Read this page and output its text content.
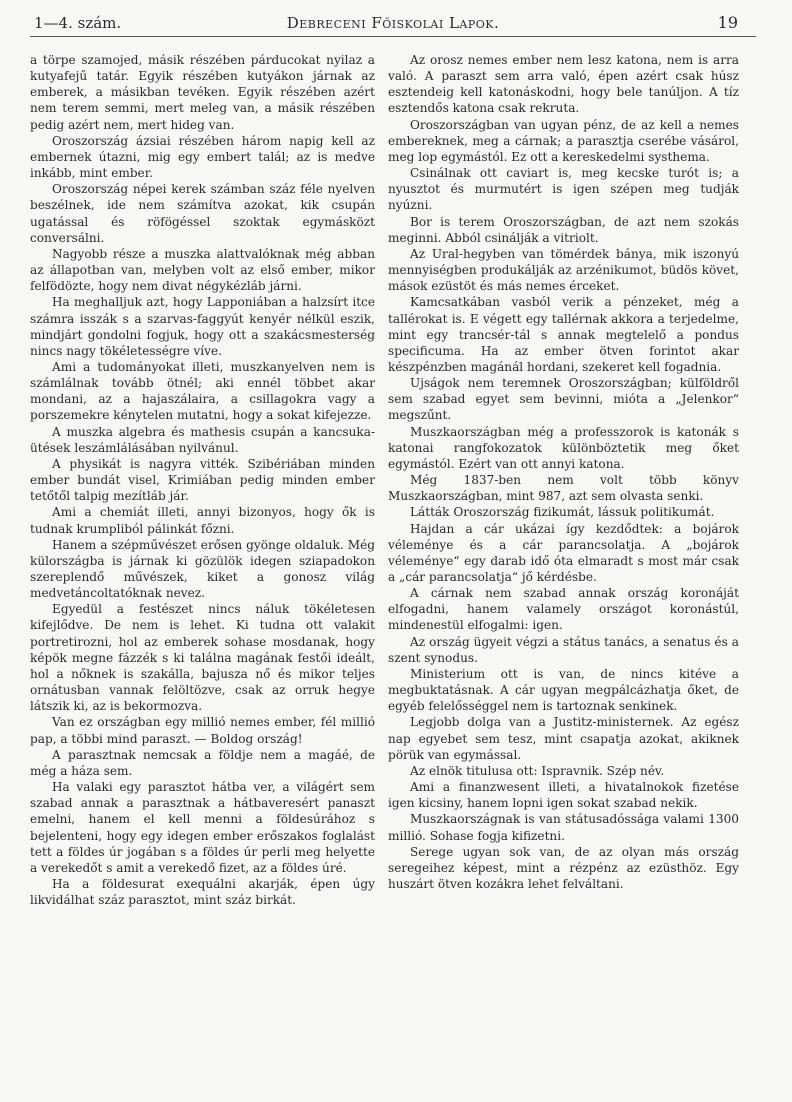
1—4. szám.	Debreceni Főiskolai Lapok.	19

a törpe szamojed, másik részében párducokat nyilaz a kutyafejű tatár. Egyik részében kutyákon járnak az emberek, a másikban tevéken. Egyik részében azért nem terem semmi, mert meleg van, a másik részében pedig azért nem, mert hideg van.

Oroszország ázsiai részében három napig kell az embernek útazni, mig egy embert talál; az is medve inkább, mint ember.

Oroszország népei kerek számban száz féle nyelven beszélnek, ide nem számítva azokat, kik csupán ugatással és röfögéssel szoktak egymásközt conversálni.

Nagyobb része a muszka alattvalóknak még abban az állapotban van, melyben volt az első ember, mikor felfödözte, hogy nem divat négykézláb járni.

Ha meghalljuk azt, hogy Lapponiában a halzsírt itce számra isszák s a szarvas-faggyút kenyér nélkül eszik, mindjárt gondolni fogjuk, hogy ott a szakácsmesterség nincs nagy tökéletességre víve.

Ami a tudományokat illeti, muszkanyelven nem is számlálnak tovább ötnél; aki ennél többet akar mondani, az a hajaszálaira, a csillagokra vagy a porszemekre kénytelen mutatni, hogy a sokat kifejezze.

A muszka algebra és mathesis csupán a kancsuka-ütések leszámlálásában nyilvánul.

A physikát is nagyra vitték. Szibériában minden ember bundát visel, Krimiában pedig minden ember tetőtől talpig mezítláb jár.

Ami a chemiát illeti, annyi bizonyos, hogy ők is tudnak krumpliból pálinkát főzni.

Hanem a szépművészet erősen gyönge oldaluk. Még külországba is járnak ki gözülök idegen sziapadokon szereplendő művészek, kiket a gonosz világ medvetáncoltatóknak nevez.

Egyedül a festészet nincs náluk tökéletesen kifejlődve. De nem is lehet. Ki tudna ott valakit portretirozni, hol az emberek sohase mosdanak, hogy képök megne fázzék s ki találna magának festői ideált, hol a nőknek is szakálla, bajusza nő és mikor teljes ornátusban vannak felöltözve, csak az orruk hegye látszik ki, az is bekormozva.

Van ez országban egy millió nemes ember, fél millió pap, a többi mind paraszt. — Boldog ország!

A parasztnak nemcsak a földje nem a magáé, de még a háza sem.

Ha valaki egy parasztot hátba ver, a világért sem szabad annak a parasztnak a hátbaveresért panaszt emelni, hanem el kell menni a földesúrához s bejelenteni, hogy egy idegen ember erőszakos foglalást tett a földes úr jogában s a földes úr perli meg helyette a verekedőt s amit a verekedő fizet, az a földes úré.

Ha a földesurat exequálni akarják, épen úgy likvidálhat száz parasztot, mint száz birkát.

Az orosz nemes ember nem lesz katona, nem is arra való. A paraszt sem arra való, épen azért csak húsz esztendeig kell katonáskodni, hogy bele tanúljon. A tíz esztendős katona csak rekruta.

Oroszországban van ugyan pénz, de az kell a nemes embereknek, meg a cárnak; a parasztja cserébe vásárol, meg lop egymástól. Ez ott a kereskedelmi systhema.

Csinálnak ott caviart is, meg kecske turót is; a nyusztot és murmutért is igen szépen meg tudják nyúzni.

Bor is terem Oroszországban, de azt nem szokás meginni. Abból csinálják a vitriolt.

Az Ural-hegyben van tömérdek bánya, mik iszonyú mennyiségben produkálják az arzénikumot, büdös követ, mások ezüstöt és más nemes érceket.

Kamcsatkában vasból verik a pénzeket, még a tallérokat is. E végett egy tallérnak akkora a terjedelme, mint egy trancsér-tál s annak megtelelő a pondus specificuma. Ha az ember ötven forintot akar készpénzben magánál hordani, szekeret kell fogadnia.

Ujságok nem teremnek Oroszországban; külföldről sem szabad egyet sem bevinni, mióta a „Jelenkor“ megszűnt.

Muszkaországban még a professzorok is katonák s katonai rangfokozatok különböztetik meg őket egymástól. Ezért van ott annyi katona.

Még 1837-ben nem volt több könyv Muszkaországban, mint 987, azt sem olvasta senki.

Látták Oroszország fizikumát, lássuk politikumát.

Hajdan a cár ukázai így kezdődtek: a bojárok véleménye és a cár parancsolatja. A „bojárok véleménye“ egy darab idő óta elmaradt s most már csak a „cár parancsolatja“ jő kérdésbe.

A cárnak nem szabad annak ország koronáját elfogadni, hanem valamely országot koronástúl, mindenestül elfogalmi: igen.

Az ország ügyeit végzi a státus tanács, a senatus és a szent synodus.

Ministerium ott is van, de nincs kitéve a megbuktatásnak. A cár ugyan megpálcázhatja őket, de egyéb felelősséggel nem is tartoznak senkinek.

Legjobb dolga van a Justitz-ministernek. Az egész nap egyebet sem tesz, mint csapatja azokat, akiknek pörük van egymással.

Az elnök titulusa ott: Ispravnik. Szép név.

Ami a finanzwesent illeti, a hivatalnokok fizetése igen kicsiny, hanem lopni igen sokat szabad nekik.

Muszkaországnak is van státusadóssága valami 1300 millió. Sohase fogja kifizetni.

Serege ugyan sok van, de az olyan más ország seregeihez képest, mint a rézpénz az ezüsthöz. Egy huszárt ötven kozákra lehet felváltani.
